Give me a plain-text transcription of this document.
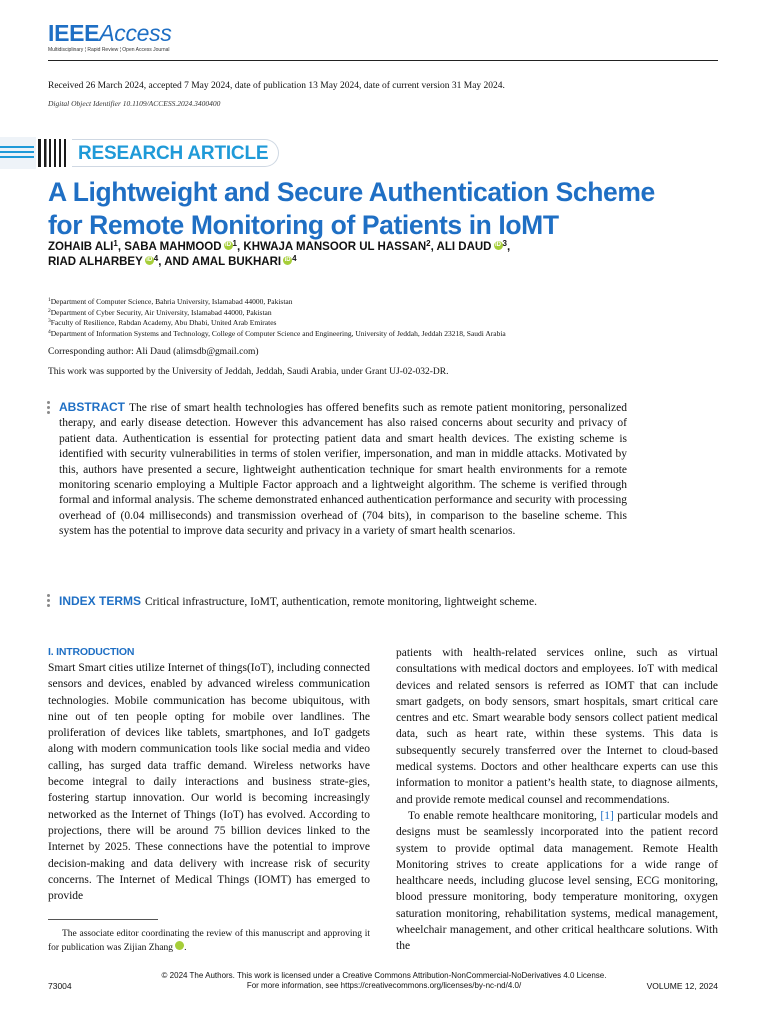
IEEEAccess
Multidisciplinary ¦ Rapid Review ¦ Open Access Journal
Received 26 March 2024, accepted 7 May 2024, date of publication 13 May 2024, date of current version 31 May 2024.
Digital Object Identifier 10.1109/ACCESS.2024.3400400
RESEARCH ARTICLE
A Lightweight and Secure Authentication Scheme for Remote Monitoring of Patients in IoMT
ZOHAIB ALI$^1$, SABA MAHMOOD iD $^1$, KHWAJA MANSOOR UL HASSAN$^2$, ALI DAUD iD $^3$,
RIAD ALHARBEY iD $^4$, AND AMAL BUKHARI iD $^4$
$^1$Department of Computer Science, Bahria University, Islamabad 44000, Pakistan
$^2$Department of Cyber Security, Air University, Islamabad 44000, Pakistan
$^3$Faculty of Resilience, Rabdan Academy, Abu Dhabi, United Arab Emirates
$^4$Department of Information Systems and Technology, College of Computer Science and Engineering, University of Jeddah, Jeddah 23218, Saudi Arabia
Corresponding author: Ali Daud (alimsdb@gmail.com)
This work was supported by the University of Jeddah, Jeddah, Saudi Arabia, under Grant UJ-02-032-DR.
ABSTRACT The rise of smart health technologies has offered benefits such as remote patient monitoring, personalized therapy, and early disease detection. However this advancement has also raised concerns about security and privacy of patient data. Authentication is essential for protecting patient data and smart health devices. The existing scheme is identified with security vulnerabilities in terms of stolen verifier, impersonation, and man in middle attacks. Motivated by this, authors have presented a secure, lightweight authentication technique for smart health environments for a remote monitoring scenario employing a Multiple Factor approach and a lightweight algorithm. The scheme is verified through formal and informal analysis. The scheme demonstrated enhanced authentication performance and security with processing overhead of (0.04 milliseconds) and transmission overhead of (704 bits), in comparison to the baseline scheme. This system has the potential to improve data security and privacy in a variety of smart health scenarios.
INDEX TERMS Critical infrastructure, IoMT, authentication, remote monitoring, lightweight scheme.
I. INTRODUCTION

Smart Smart cities utilize Internet of things(IoT), including connected sensors and devices, enabled by advanced wireless communication technologies. Mobile communication has become ubiquitous, with nine out of ten people opting for mobile over landlines. The proliferation of devices like tablets, smartphones, and IoT gadgets along with modern communication tools like social media and video calling, has surged data traffic demand. Wireless networks have become integral to daily interactions and business strate-gies, fostering startup innovation. Our world is becoming increasingly networked as the Internet of Things (IoT) has evolved. According to projections, there will be around 75 billion devices linked to the Internet by 2025. These connections have the potential to improve decision-making and data delivery with increase risk of security concerns. The Internet of Medical Things (IOMT) has emerged to provide

The associate editor coordinating the review of this manuscript and approving it for publication was Zijian Zhang	iD.

patients with health-related services online, such as virtual consultations with medical doctors and employees. IoT with medical devices and related sensors is referred as IOMT that can include smart gadgets, on body sensors, smart hospitals, smart critical care centres and etc. Smart wearable body sensors collect patient medical data, such as heart rate, within these systems. This data is subsequently securely transferred over the Internet to cloud-based medical systems. Doctors and other healthcare experts can use this information to monitor a patient’s health state, to diagnose ailments, and provide remote medical counsel and recommendations.

To enable remote healthcare monitoring, [1] particular models and designs must be seamlessly incorporated into the patient record system to provide optimal data management. Remote Health Monitoring strives to create applications for a wide range of healthcare needs, including glucose level sensing, ECG monitoring, blood pressure monitoring, body temperature monitoring, oxygen saturation monitoring, rehabilitation systems, medical management, wheelchair management, and other critical healthcare solutions. With the

© 2024 The Authors. This work is licensed under a Creative Commons Attribution-NonCommercial-NoDerivatives 4.0 License.
For more information, see https://creativecommons.org/licenses/by-nc-nd/4.0/
73004	VOLUME 12, 2024
